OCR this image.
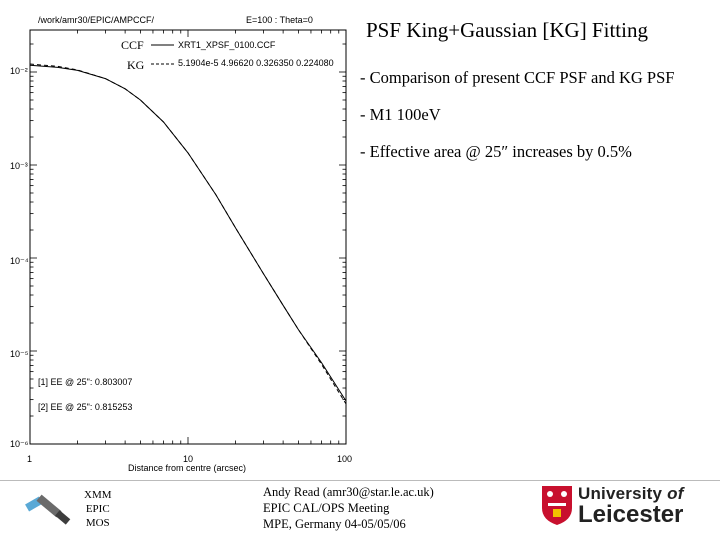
PSF King+Gaussian [KG] Fitting

- Comparison of present CCF PSF and KG PSF

- M1 100eV

- Effective area @ 25″ increases by 0.5%

/work/amr30/EPIC/AMPCCF/	E=100 : Theta=0
10⁻²
10⁻³
10⁻⁴
10⁻⁵
10⁻⁶
1	10	100
Distance from centre (arcsec)
CCF	XRT1_XPSF_0100.CCF
KG	5.1904e-5 4.96620 0.326350 0.224080
[1] EE @ 25": 0.803007
[2] EE @ 25": 0.815253
XMM
EPIC
MOS
Andy Read (amr30@star.le.ac.uk)
EPIC CAL/OPS Meeting
MPE, Germany 04-05/05/06
University of
Leicester
